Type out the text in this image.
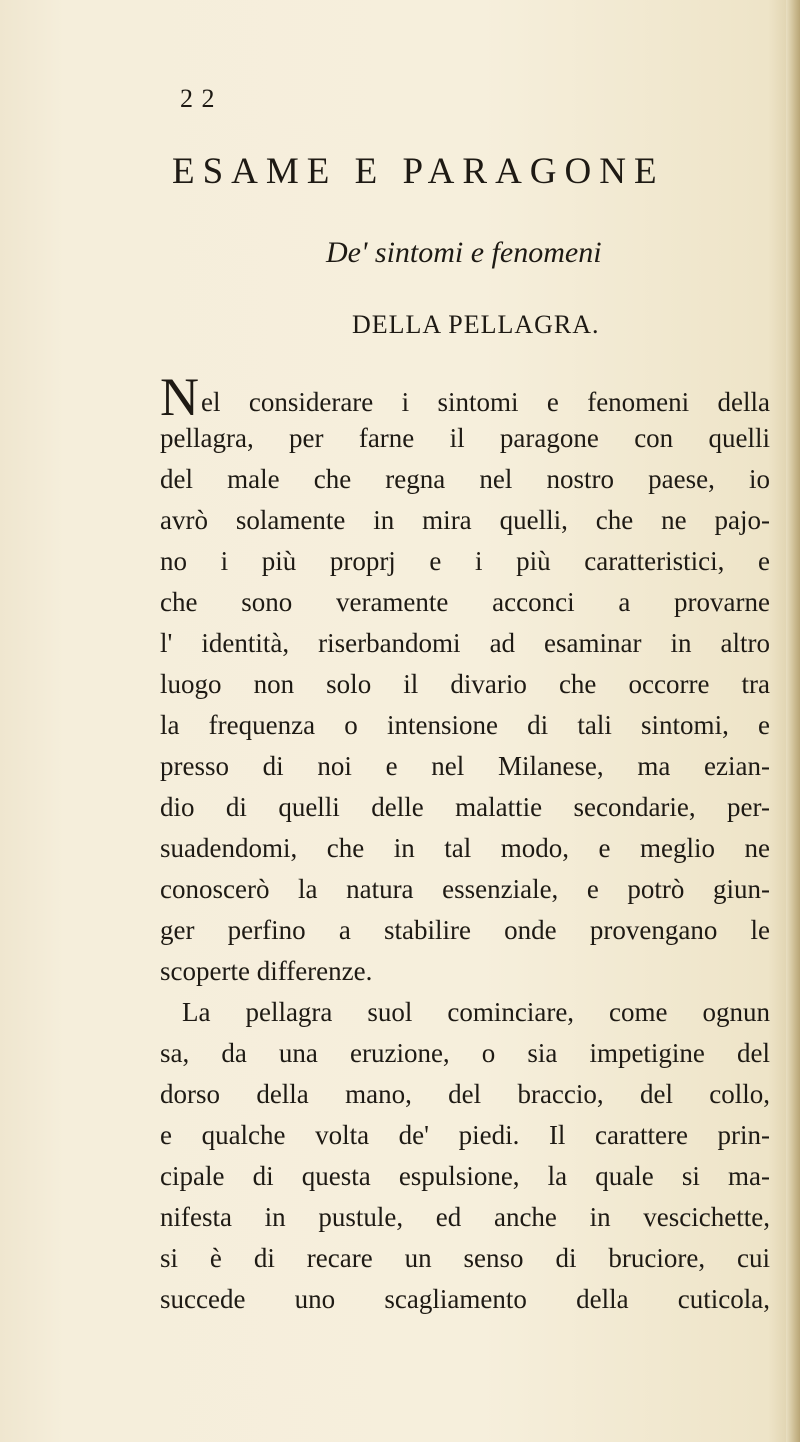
2 2
ESAME E PARAGONE
De' sintomi e fenomeni
DELLA PELLAGRA.
Nel considerare i sintomi e fenomeni della
pellagra, per farne il paragone con quelli
del male che regna nel nostro paese, io
avrò solamente in mira quelli, che ne pajo-
no i più proprj e i più caratteristici, e
che sono veramente acconci a provarne
l' identità, riserbandomi ad esaminar in altro
luogo non solo il divario che occorre tra
la frequenza o intensione di tali sintomi, e
presso di noi e nel Milanese, ma ezian-
dio di quelli delle malattie secondarie, per-
suadendomi, che in tal modo, e meglio ne
conoscerò la natura essenziale, e potrò giun-
ger perfino a stabilire onde provengano le
scoperte differenze.
La pellagra suol cominciare, come ognun
sa, da una eruzione, o sia impetigine del
dorso della mano, del braccio, del collo,
e qualche volta de' piedi. Il carattere prin-
cipale di questa espulsione, la quale si ma-
nifesta in pustule, ed anche in vescichette,
si è di recare un senso di bruciore, cui
succede uno scagliamento della cuticola,
